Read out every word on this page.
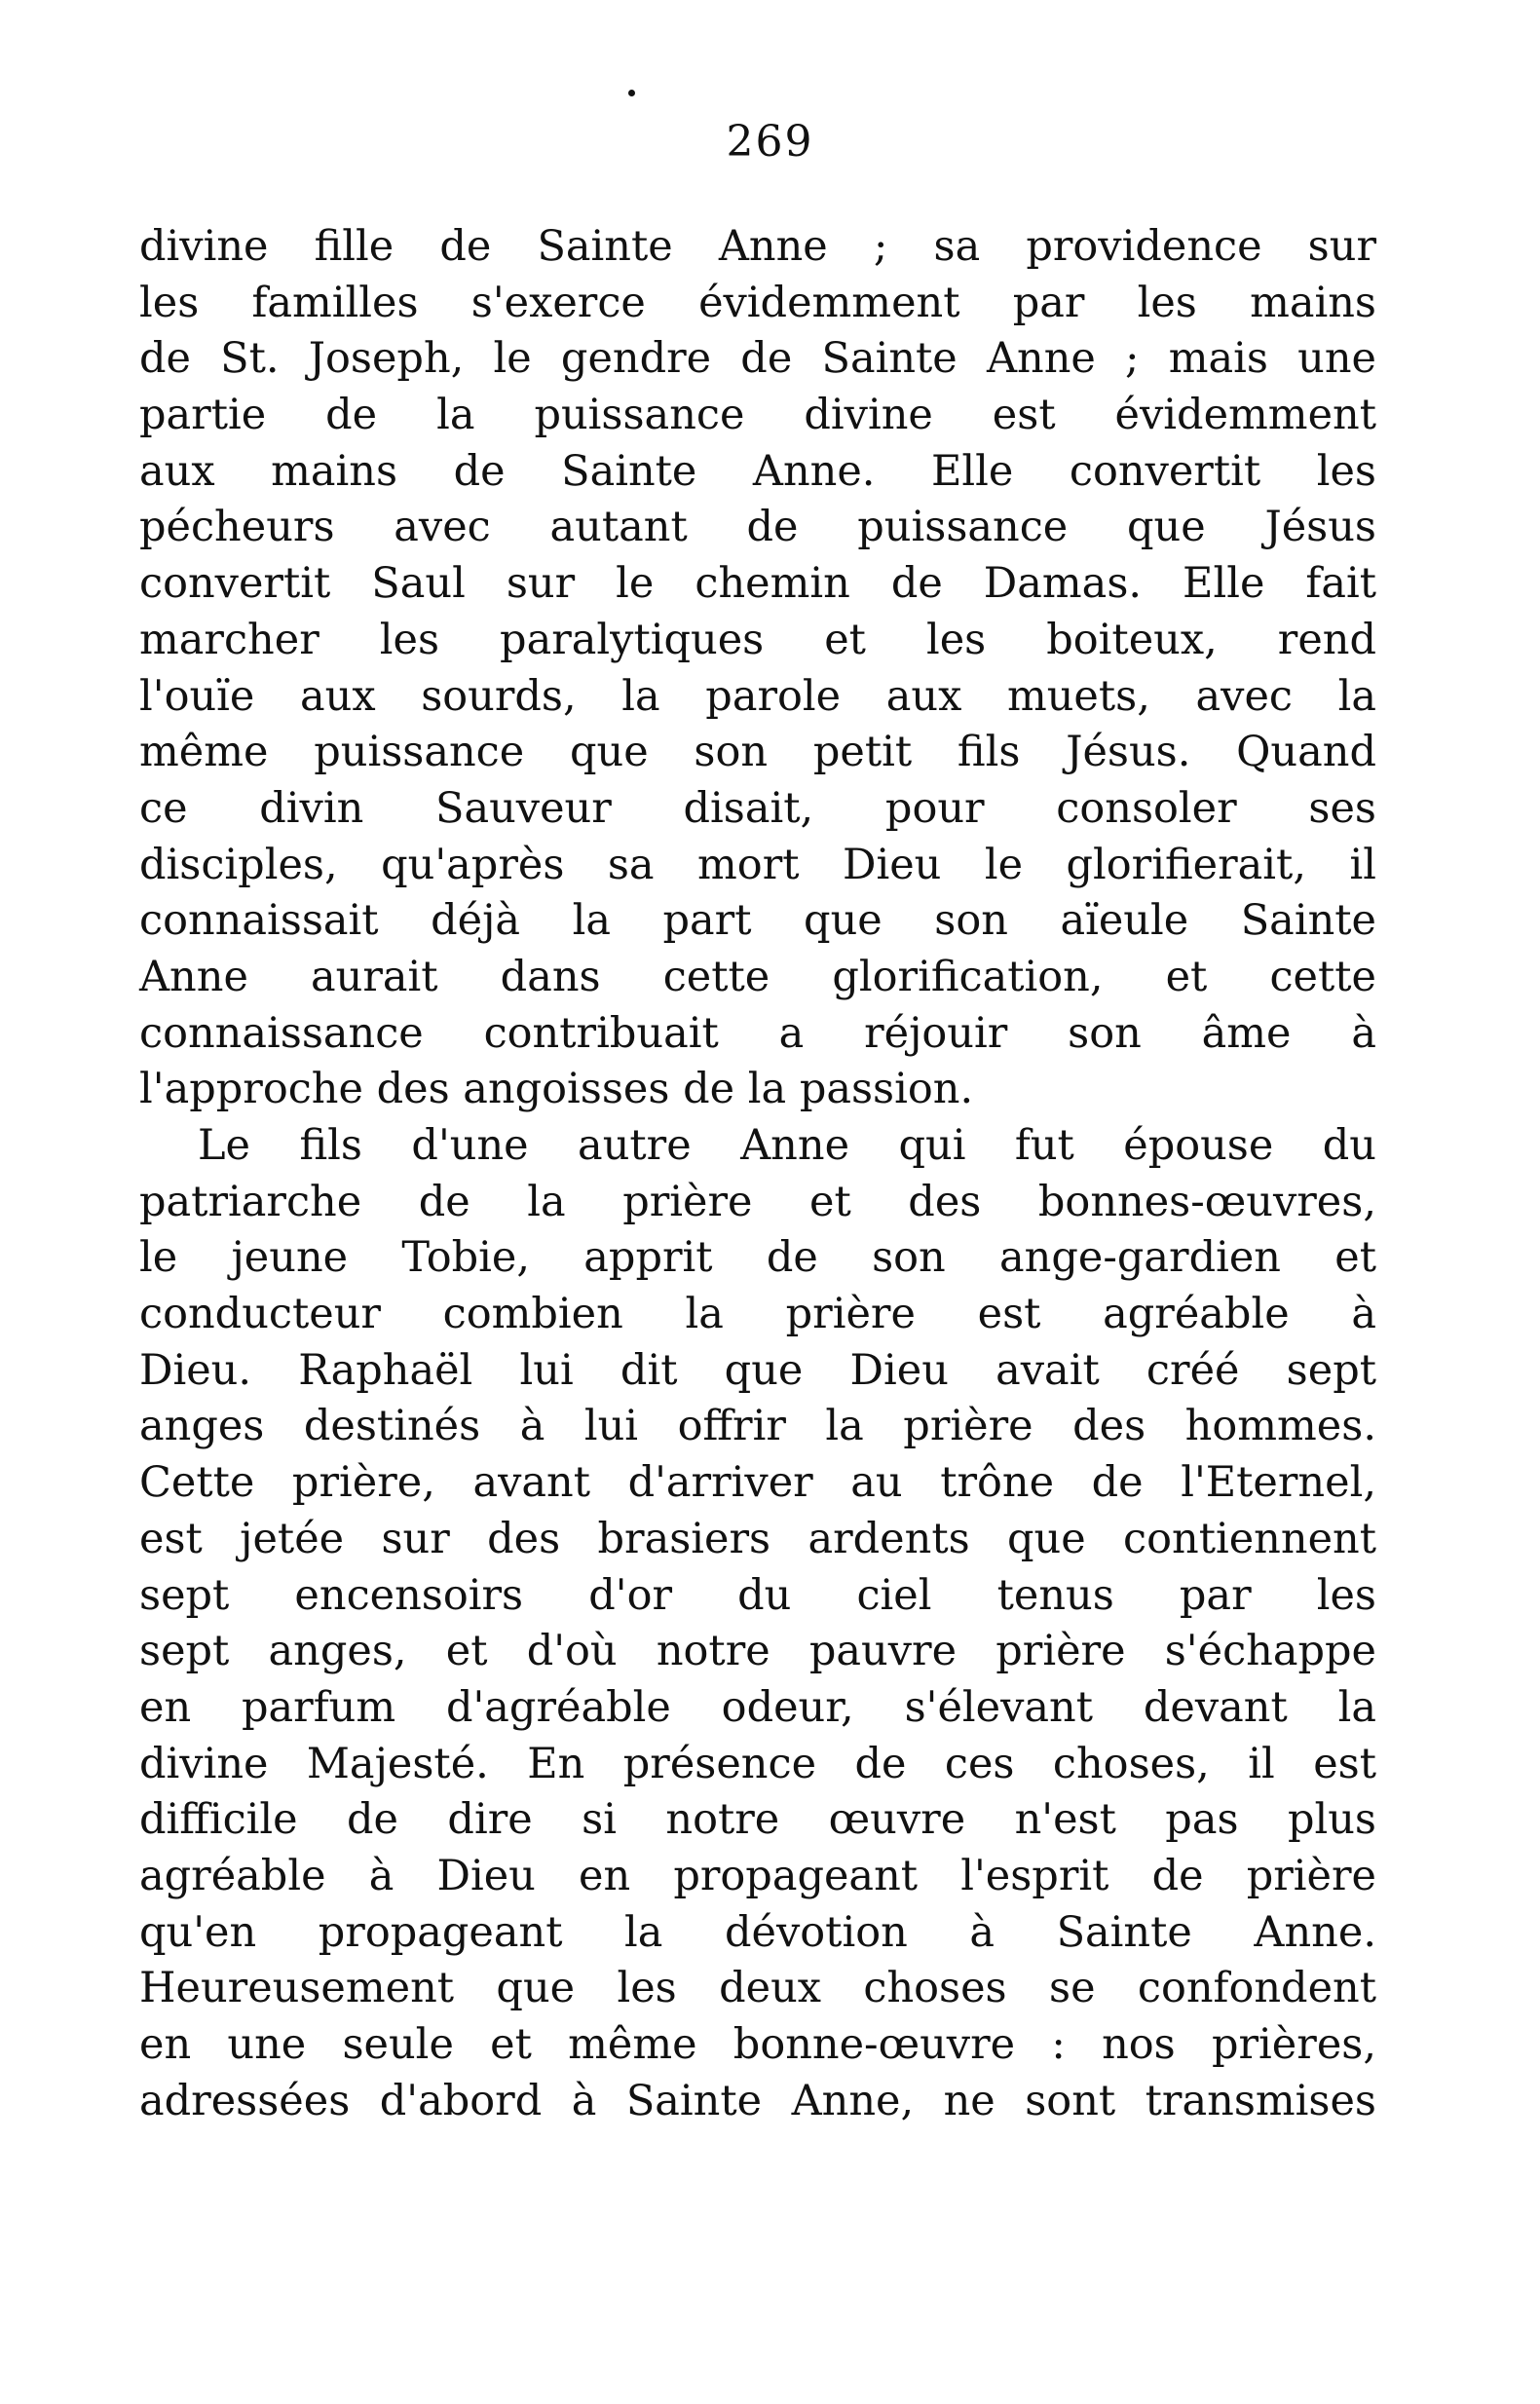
269
divine fille de Sainte Anne ; sa providence sur
les familles s'exerce évidemment par les mains
de St. Joseph, le gendre de Sainte Anne ; mais une
partie de la puissance divine est évidemment
aux mains de Sainte Anne. Elle convertit les
pécheurs avec autant de puissance que Jésus
convertit Saul sur le chemin de Damas. Elle fait
marcher les paralytiques et les boiteux, rend
l'ouïe aux sourds, la parole aux muets, avec la
même puissance que son petit fils Jésus. Quand
ce divin Sauveur disait, pour consoler ses
disciples, qu'après sa mort Dieu le glorifierait, il
connaissait déjà la part que son aïeule Sainte
Anne aurait dans cette glorification, et cette
connaissance contribuait a réjouir son âme à
l'approche des angoisses de la passion.
Le fils d'une autre Anne qui fut épouse du
patriarche de la prière et des bonnes-œuvres,
le jeune Tobie, apprit de son ange-gardien et
conducteur combien la prière est agréable à
Dieu. Raphaël lui dit que Dieu avait créé sept
anges destinés à lui offrir la prière des hommes.
Cette prière, avant d'arriver au trône de l'Eternel,
est jetée sur des brasiers ardents que contiennent
sept encensoirs d'or du ciel tenus par les
sept anges, et d'où notre pauvre prière s'échappe
en parfum d'agréable odeur, s'élevant devant la
divine Majesté. En présence de ces choses, il est
difficile de dire si notre œuvre n'est pas plus
agréable à Dieu en propageant l'esprit de prière
qu'en propageant la dévotion à Sainte Anne.
Heureusement que les deux choses se confondent
en une seule et même bonne-œuvre : nos prières,
adressées d'abord à Sainte Anne, ne sont transmises
